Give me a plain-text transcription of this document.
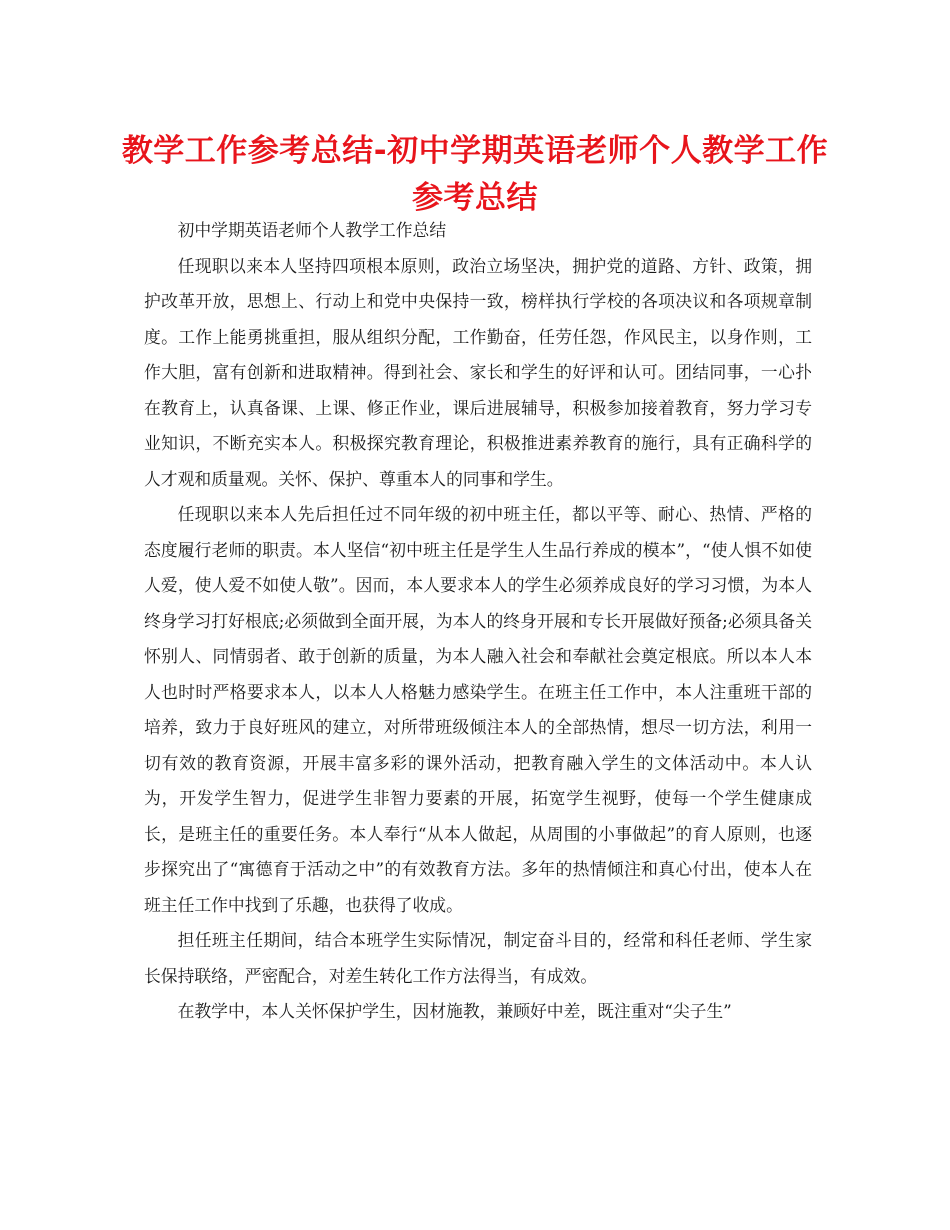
教学工作参考总结-初中学期英语老师个人教学工作参考总结

初中学期英语老师个人教学工作总结

任现职以来本人坚持四项根本原则，政治立场坚决，拥护党的道路、方针、政策，拥护改革开放，思想上、行动上和党中央保持一致，榜样执行学校的各项决议和各项规章制度。工作上能勇挑重担，服从组织分配，工作勤奋，任劳任怨，作风民主，以身作则，工作大胆，富有创新和进取精神。得到社会、家长和学生的好评和认可。团结同事，一心扑在教育上，认真备课、上课、修正作业，课后进展辅导，积极参加接着教育，努力学习专业知识，不断充实本人。积极探究教育理论，积极推进素养教育的施行，具有正确科学的人才观和质量观。关怀、保护、尊重本人的同事和学生。

任现职以来本人先后担任过不同年级的初中班主任，都以平等、耐心、热情、严格的态度履行老师的职责。本人坚信“初中班主任是学生人生品行养成的模本”，“使人惧不如使人爱，使人爱不如使人敬”。因而，本人要求本人的学生必须养成良好的学习习惯，为本人终身学习打好根底;必须做到全面开展，为本人的终身开展和专长开展做好预备;必须具备关怀别人、同情弱者、敢于创新的质量，为本人融入社会和奉献社会奠定根底。所以本人本人也时时严格要求本人，以本人人格魅力感染学生。在班主任工作中，本人注重班干部的培养，致力于良好班风的建立，对所带班级倾注本人的全部热情，想尽一切方法，利用一切有效的教育资源，开展丰富多彩的课外活动，把教育融入学生的文体活动中。本人认为，开发学生智力，促进学生非智力要素的开展，拓宽学生视野，使每一个学生健康成长，是班主任的重要任务。本人奉行“从本人做起，从周围的小事做起”的育人原则，也逐步探究出了“寓德育于活动之中”的有效教育方法。多年的热情倾注和真心付出，使本人在班主任工作中找到了乐趣，也获得了收成。

担任班主任期间，结合本班学生实际情况，制定奋斗目的，经常和科任老师、学生家长保持联络，严密配合，对差生转化工作方法得当，有成效。

在教学中，本人关怀保护学生，因材施教，兼顾好中差，既注重对“尖子生”
